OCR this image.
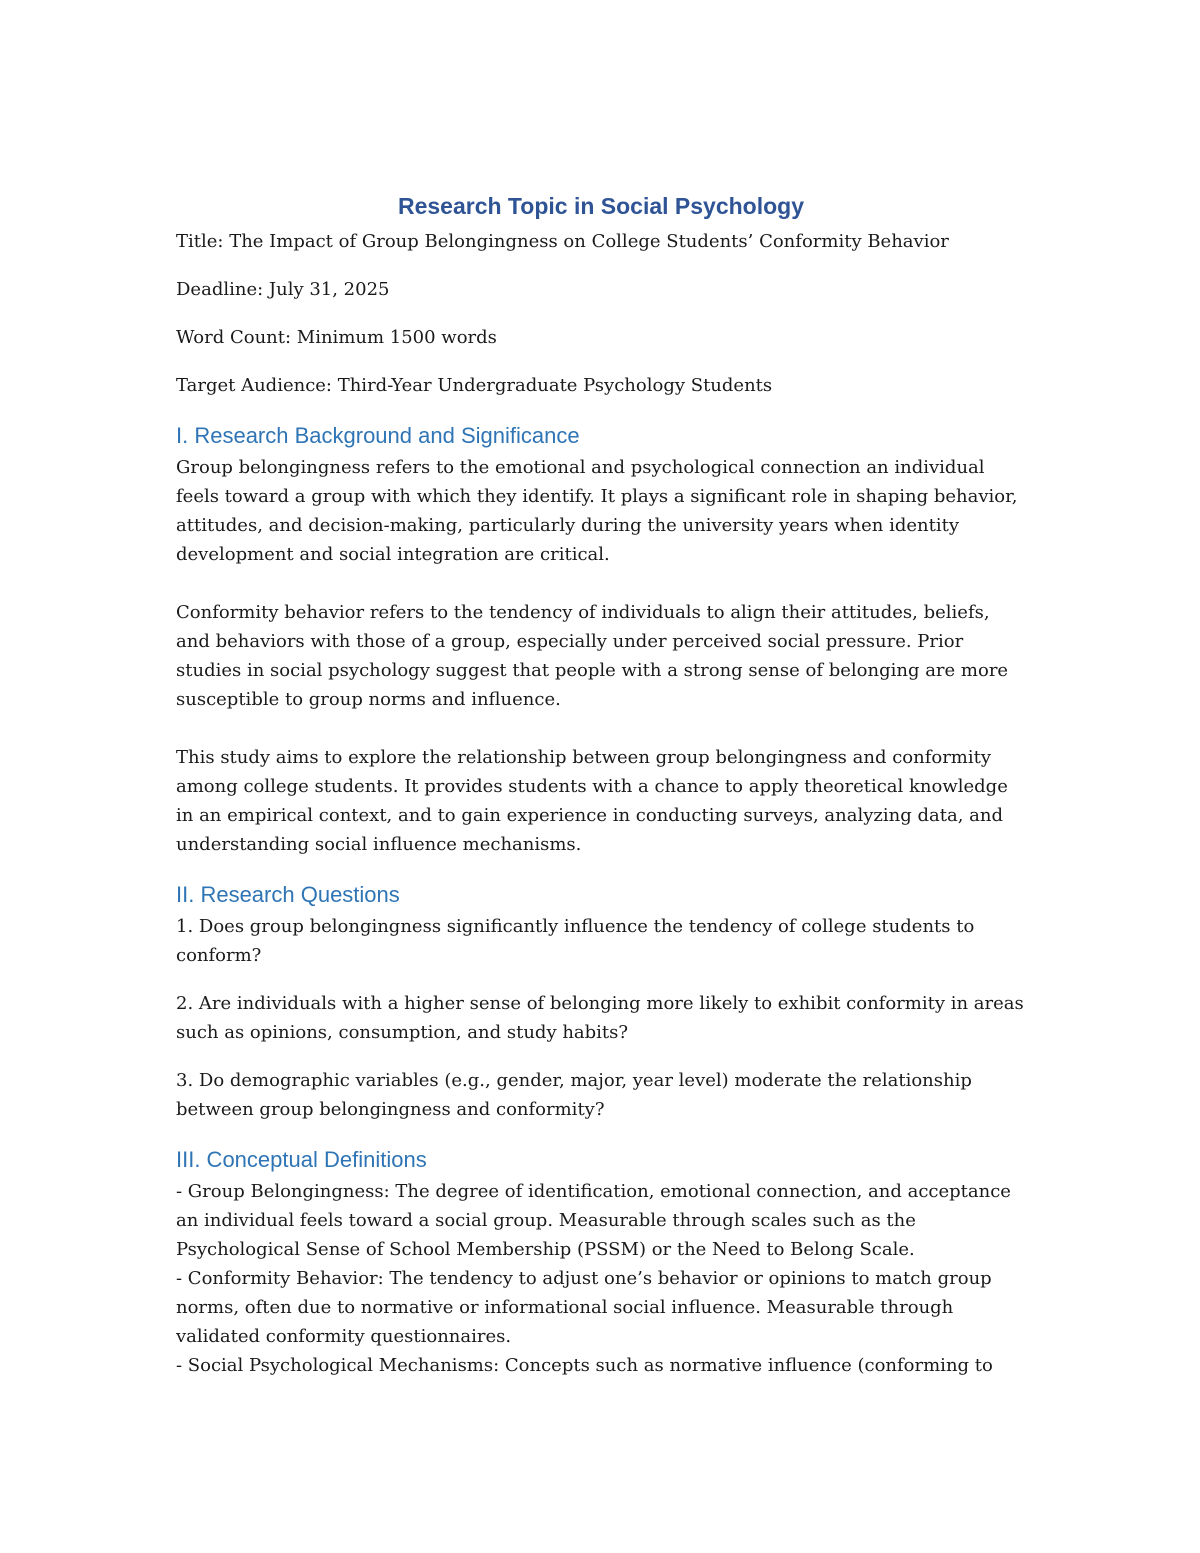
Research Topic in Social Psychology

Title: The Impact of Group Belongingness on College Students’ Conformity Behavior

Deadline: July 31, 2025

Word Count: Minimum 1500 words

Target Audience: Third-Year Undergraduate Psychology Students

I. Research Background and Significance

Group belongingness refers to the emotional and psychological connection an individual feels toward a group with which they identify. It plays a significant role in shaping behavior, attitudes, and decision-making, particularly during the university years when identity development and social integration are critical.

Conformity behavior refers to the tendency of individuals to align their attitudes, beliefs, and behaviors with those of a group, especially under perceived social pressure. Prior studies in social psychology suggest that people with a strong sense of belonging are more susceptible to group norms and influence.

This study aims to explore the relationship between group belongingness and conformity among college students. It provides students with a chance to apply theoretical knowledge in an empirical context, and to gain experience in conducting surveys, analyzing data, and understanding social influence mechanisms.

II. Research Questions

1. Does group belongingness significantly influence the tendency of college students to conform?

2. Are individuals with a higher sense of belonging more likely to exhibit conformity in areas such as opinions, consumption, and study habits?

3. Do demographic variables (e.g., gender, major, year level) moderate the relationship between group belongingness and conformity?

III. Conceptual Definitions

- Group Belongingness: The degree of identification, emotional connection, and acceptance an individual feels toward a social group. Measurable through scales such as the Psychological Sense of School Membership (PSSM) or the Need to Belong Scale.

- Conformity Behavior: The tendency to adjust one’s behavior or opinions to match group norms, often due to normative or informational social influence. Measurable through validated conformity questionnaires.

- Social Psychological Mechanisms: Concepts such as normative influence (conforming to
